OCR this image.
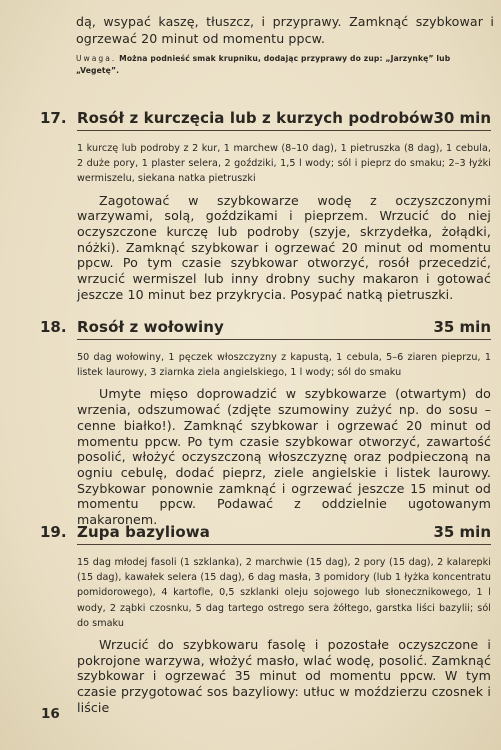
dą, wsypać kaszę, tłuszcz, i przyprawy. Zamknąć szybkowar i ogrzewać 20 minut od momentu ppcw.

Uwaga. Można podnieść smak krupniku, dodając przyprawy do zup: „Jarzynkę” lub „Vegetę”.

17. Rosół z kurczęcia lub z kurzych podrobów 30 min

1 kurczę lub podroby z 2 kur, 1 marchew (8–10 dag), 1 pietruszka (8 dag), 1 cebula, 2 duże pory, 1 plaster selera, 2 goździki, 1,5 l wody; sól i pieprz do smaku; 2–3 łyżki wermiszelu, siekana natka pietruszki

Zagotować w szybkowarze wodę z oczyszczonymi warzywami, solą, goździkami i pieprzem. Wrzucić do niej oczyszczone kurczę lub podroby (szyje, skrzydełka, żołądki, nóżki). Zamknąć szybkowar i ogrzewać 20 minut od momentu ppcw. Po tym czasie szybkowar otworzyć, rosół przecedzić, wrzucić wermiszel lub inny drobny suchy makaron i gotować jeszcze 10 minut bez przykrycia. Posypać natką pietruszki.

18. Rosół z wołowiny	35 min

50 dag wołowiny, 1 pęczek włoszczyzny z kapustą, 1 cebula, 5–6 ziaren pieprzu, 1 listek laurowy, 3 ziarnka ziela angielskiego, 1 l wody; sól do smaku

Umyte mięso doprowadzić w szybkowarze (otwartym) do wrzenia, odszumować (zdjęte szumowiny zużyć np. do sosu – cenne białko!). Zamknąć szybkowar i ogrzewać 20 minut od momentu ppcw. Po tym czasie szybkowar otworzyć, zawartość posolić, włożyć oczyszczoną włoszczyznę oraz podpieczoną na ogniu cebulę, dodać pieprz, ziele angielskie i listek laurowy. Szybkowar ponownie zamknąć i ogrzewać jeszcze 15 minut od momentu ppcw. Podawać z oddzielnie ugotowanym makaronem.

19. Zupa bazyliowa	35 min

15 dag młodej fasoli (1 szklanka), 2 marchwie (15 dag), 2 pory (15 dag), 2 kalarepki (15 dag), kawałek selera (15 dag), 6 dag masła, 3 pomidory (lub 1 łyżka koncentratu pomidorowego), 4 kartofle, 0,5 szklanki oleju sojowego lub słonecznikowego, 1 l wody, 2 ząbki czosnku, 5 dag tartego ostrego sera żółtego, garstka liści bazylii; sól do smaku

Wrzucić do szybkowaru fasolę i pozostałe oczyszczone i pokrojone warzywa, włożyć masło, wlać wodę, posolić. Zamknąć szybkowar i ogrzewać 35 minut od momentu ppcw. W tym czasie przygotować sos bazyliowy: utłuc w moździerzu czosnek i liście

16
